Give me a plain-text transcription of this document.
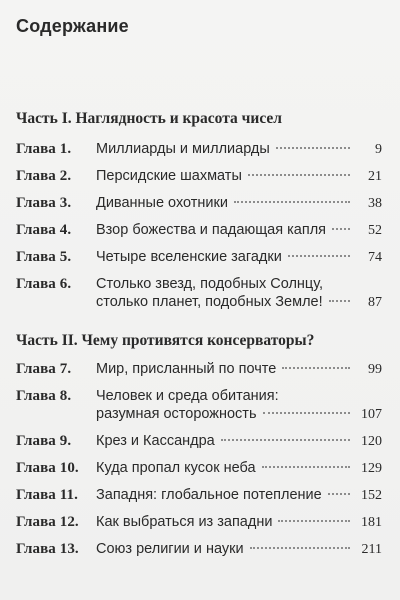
Содержание
Часть I. Наглядность и красота чисел
Глава 1.	Миллиарды и миллиарды	9
Глава 2.	Персидские шахматы	21
Глава 3.	Диванные охотники	38
Глава 4.	Взор божества и падающая капля	52
Глава 5.	Четыре вселенские загадки	74
Глава 6.	Столько звезд, подобных Солнцу,
столько планет, подобных Земле!	87
Часть II. Чему противятся консерваторы?
Глава 7.	Мир, присланный по почте	99
Глава 8.	Человек и среда обитания:
разумная осторожность	107
Глава 9.	Крез и Кассандра	120
Глава 10.	Куда пропал кусок неба	129
Глава 11.	Западня: глобальное потепление	152
Глава 12.	Как выбраться из западни	181
Глава 13.	Союз религии и науки	211
